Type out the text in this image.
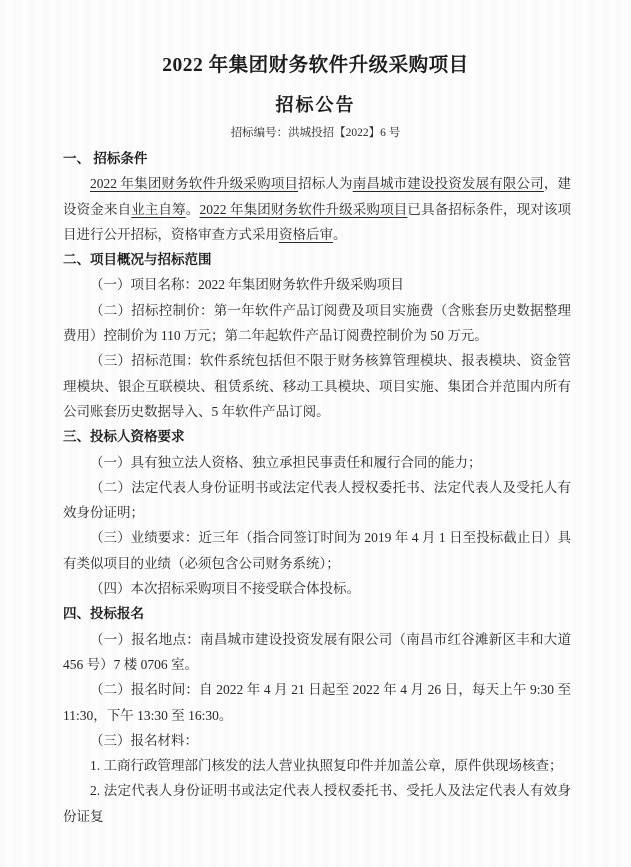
2022 年集团财务软件升级采购项目
招标公告

招标编号：洪城投招【2022】6 号

一、 招标条件

2022 年集团财务软件升级采购项目招标人为南昌城市建设投资发展有限公司，建设资金来自业主自筹。2022 年集团财务软件升级采购项目已具备招标条件，现对该项目进行公开招标，资格审查方式采用资格后审。

二、项目概况与招标范围

（一）项目名称：2022 年集团财务软件升级采购项目

（二）招标控制价：第一年软件产品订阅费及项目实施费（含账套历史数据整理费用）控制价为 110 万元；第二年起软件产品订阅费控制价为 50 万元。

（三）招标范围：软件系统包括但不限于财务核算管理模块、报表模块、资金管理模块、银企互联模块、租赁系统、移动工具模块、项目实施、集团合并范围内所有公司账套历史数据导入、5 年软件产品订阅。

三、投标人资格要求

（一）具有独立法人资格、独立承担民事责任和履行合同的能力；

（二）法定代表人身份证明书或法定代表人授权委托书、法定代表人及受托人有效身份证明；

（三）业绩要求：近三年（指合同签订时间为 2019 年 4 月 1 日至投标截止日）具有类似项目的业绩（必须包含公司财务系统）；

（四）本次招标采购项目不接受联合体投标。

四、投标报名

（一）报名地点：南昌城市建设投资发展有限公司（南昌市红谷滩新区丰和大道 456 号）7 楼 0706 室。

（二）报名时间：自 2022 年 4 月 21 日起至 2022 年 4 月 26 日，每天上午 9:30 至 11:30，下午 13:30 至 16:30。

（三）报名材料：

1. 工商行政管理部门核发的法人营业执照复印件并加盖公章，原件供现场核查；

2. 法定代表人身份证明书或法定代表人授权委托书、受托人及法定代表人有效身份证复
